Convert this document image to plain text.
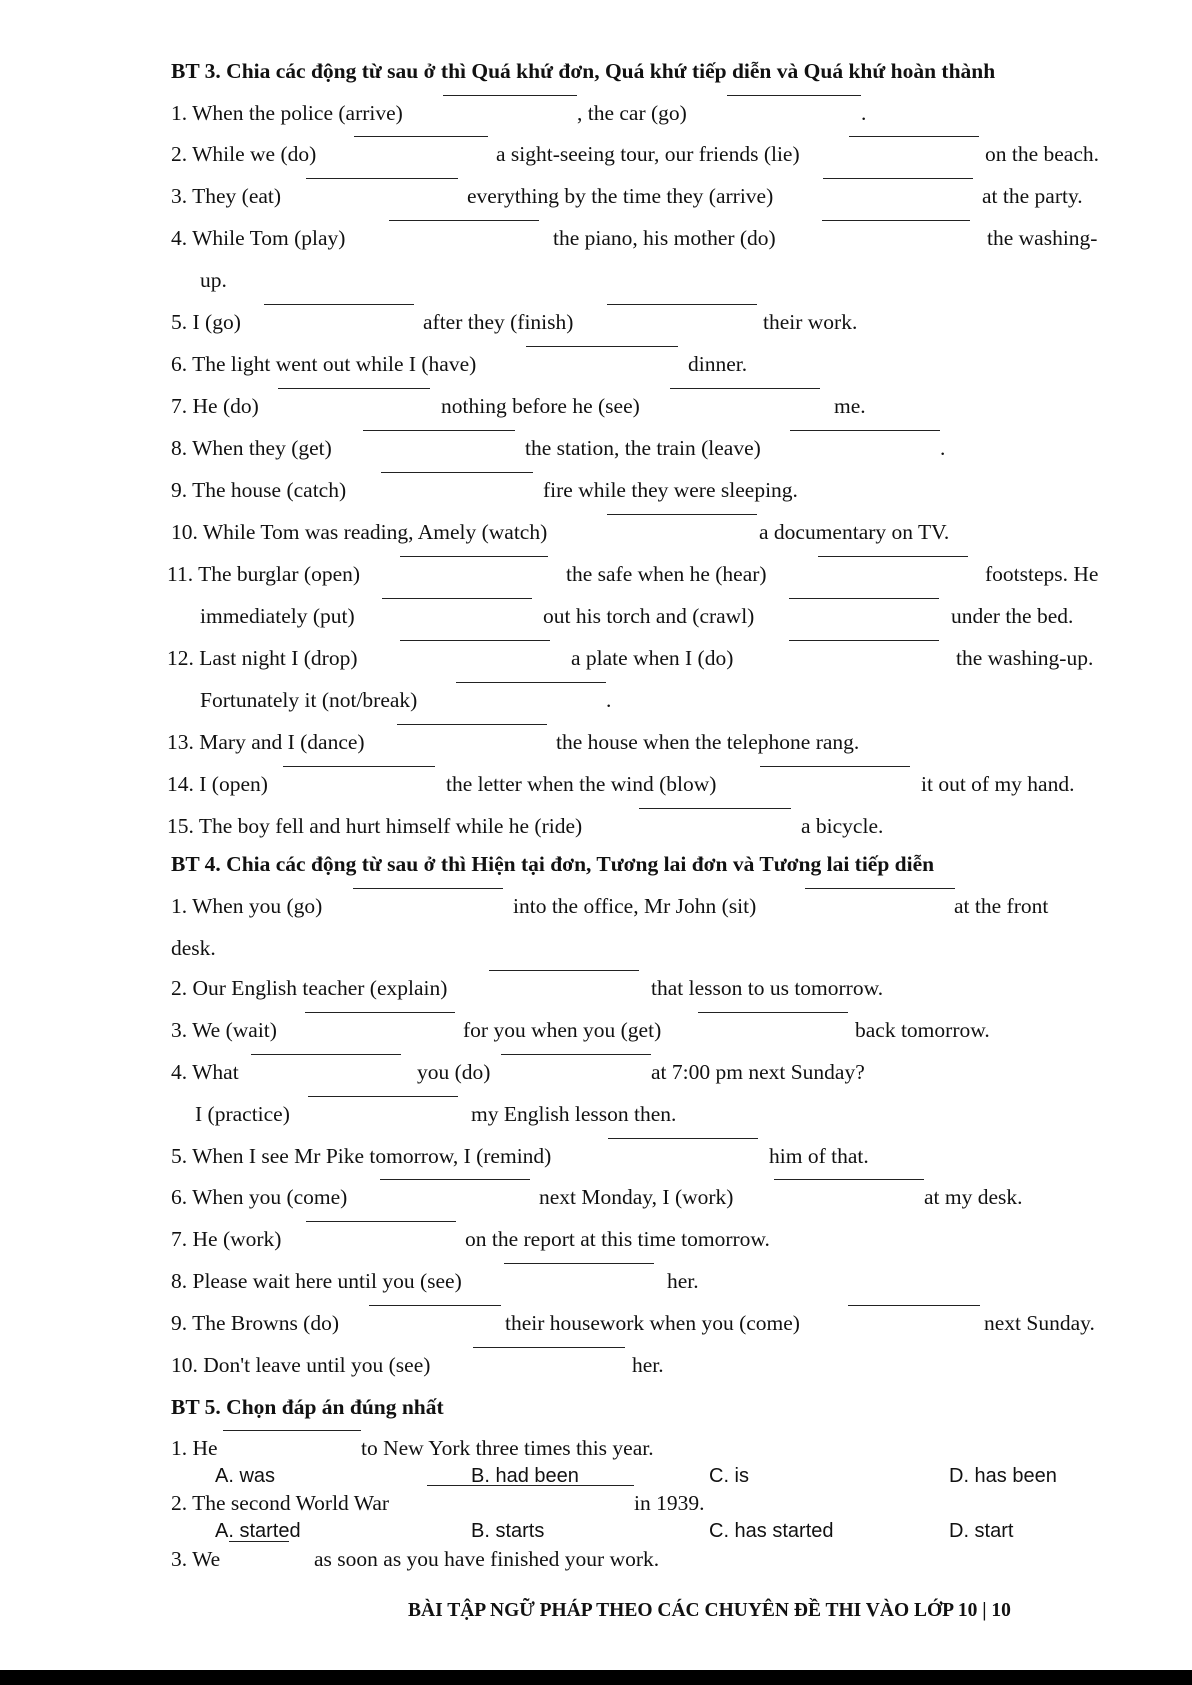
BT 3. Chia các động từ sau ở thì Quá khứ đơn, Quá khứ tiếp diễn và Quá khứ hoàn thành
1. When the police (arrive)	, the car (go)	.
2. While we (do)	a sight-seeing tour, our friends (lie)	on the beach.
3. They (eat)	everything by the time they (arrive)	at the party.
4. While Tom (play)	the piano, his mother (do)	the washing-
up.
5. I (go)	after they (finish)	their work.
6. The light went out while I (have)	dinner.
7. He (do)	nothing before he (see)	me.
8. When they (get)	the station, the train (leave)	.
9. The house (catch)	fire while they were sleeping.
10. While Tom was reading, Amely (watch)	a documentary on TV.
11. The burglar (open)	the safe when he (hear)	footsteps. He
immediately (put)	out his torch and (crawl)	under the bed.
12. Last night I (drop)	a plate when I (do)	the washing-up.
Fortunately it (not/break)	.
13. Mary and I (dance)	the house when the telephone rang.
14. I (open)	the letter when the wind (blow)	it out of my hand.
15. The boy fell and hurt himself while he (ride)	a bicycle.
BT 4. Chia các động từ sau ở thì Hiện tại đơn, Tương lai đơn và Tương lai tiếp diễn
1. When you (go)	into the office, Mr John (sit)	at the front
desk.
2. Our English teacher (explain)	that lesson to us tomorrow.
3. We (wait)	for you when you (get)	back tomorrow.
4. What	you (do)	at 7:00 pm next Sunday?
I (practice)	my English lesson then.
5. When I see Mr Pike tomorrow, I (remind)	him of that.
6. When you (come)	next Monday, I (work)	at my desk.
7. He (work)	on the report at this time tomorrow.
8. Please wait here until you (see)	her.
9. The Browns (do)	their housework when you (come)	next Sunday.
10. Don't leave until you (see)	her.
BT 5. Chọn đáp án đúng nhất
1. He	to New York three times this year.
A. was	B. had been	C. is	D. has been
2. The second World War	in 1939.
A. started	B. starts	C. has started	D. start
3. We	as soon as you have finished your work.
BÀI TẬP NGỮ PHÁP THEO CÁC CHUYÊN ĐỀ THI VÀO LỚP 10 | 10
